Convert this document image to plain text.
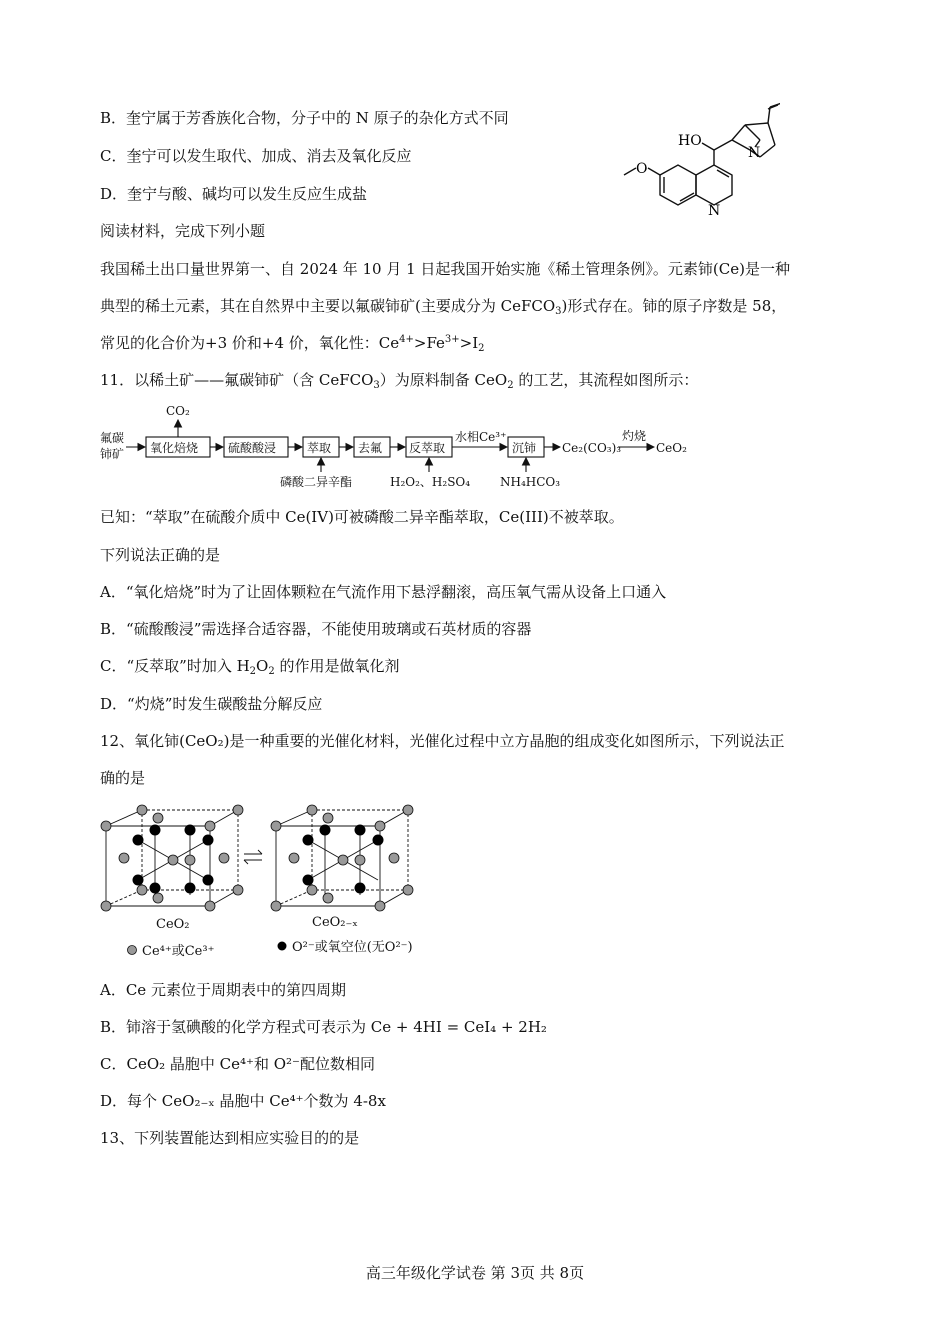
B．奎宁属于芳香族化合物，分子中的 N 原子的杂化方式不同
C．奎宁可以发生取代、加成、消去及氧化反应
D．奎宁与酸、碱均可以发生反应生成盐
HO
O
N
N
阅读材料，完成下列小题
我国稀土出口量世界第一、自 2024 年 10 月 1 日起我国开始实施《稀土管理条例》。元素铈(Ce)是一种
典型的稀土元素，其在自然界中主要以氟碳铈矿(主要成分为 CeFCO$_3$)形式存在。铈的原子序数是 58，
常见的化合价为+3 价和+4 价，氧化性：$Ce^{4+}>Fe^{3+}>I_2$
11．以稀土矿——氟碳铈矿（含 CeFCO$_3$）为原料制备 CeO$_2$ 的工艺，其流程如图所示：
氟碳
铈矿
CO₂
氧化焙烧 硫酸酸浸	萃取 去氟 反萃取	沉铈
水相Ce³⁺
Ce₂(CO₃)₃
灼烧
CeO₂
磷酸二异辛酯	H₂O₂、H₂SO₄ NH₄HCO₃
已知：“萃取”在硫酸介质中 Ce(IV)可被磷酸二异辛酯萃取，Ce(III)不被萃取。
下列说法正确的是
A．“氧化焙烧”时为了让固体颗粒在气流作用下悬浮翻滚，高压氧气需从设备上口通入
B．“硫酸酸浸”需选择合适容器，不能使用玻璃或石英材质的容器
C．“反萃取”时加入 $H_2O_2$ 的作用是做氧化剂
D．“灼烧”时发生碳酸盐分解反应
12、氧化铈(CeO₂)是一种重要的光催化材料，光催化过程中立方晶胞的组成变化如图所示，下列说法正
确的是
CeO₂	CeO₂₋ₓ
Ce⁴⁺或Ce³⁺	O²⁻或氧空位(无O²⁻)
A．Ce 元素位于周期表中的第四周期
B．铈溶于氢碘酸的化学方程式可表示为 Ce + 4HI = CeI₄ + 2H₂
C．CeO₂ 晶胞中 Ce⁴⁺和 O²⁻配位数相同
D．每个 CeO₂₋ₓ 晶胞中 Ce⁴⁺个数为 4-8x
13、下列装置能达到相应实验目的的是
高三年级化学试卷 第 3页 共 8页
